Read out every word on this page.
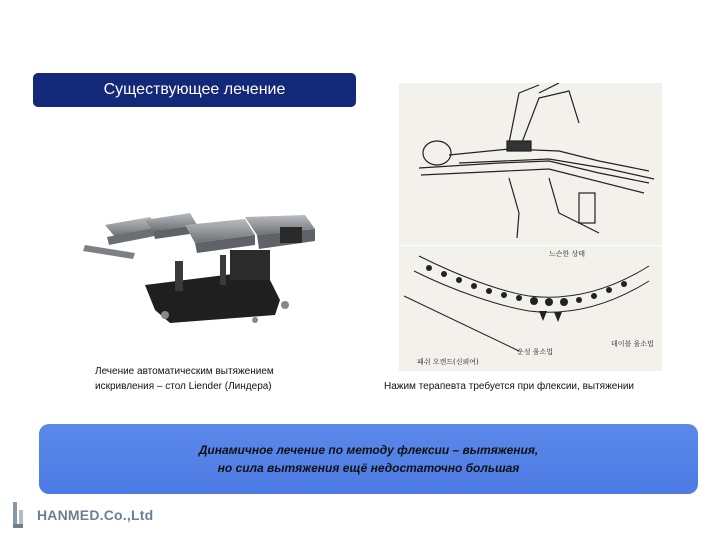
Существующее лечение
느슨한 상태
패쉬 오캔드(신뢰여)
운성 움소법
데이블 움소법
Лечение автоматическим вытяжением
искривления – стол Liender (Линдера)	Нажим терапевта требуется при флексии, вытяжении
Динамичное лечение по методу флексии – вытяжения,
но сила вытяжения ещё недостаточно большая
HANMED.Co.,Ltd
